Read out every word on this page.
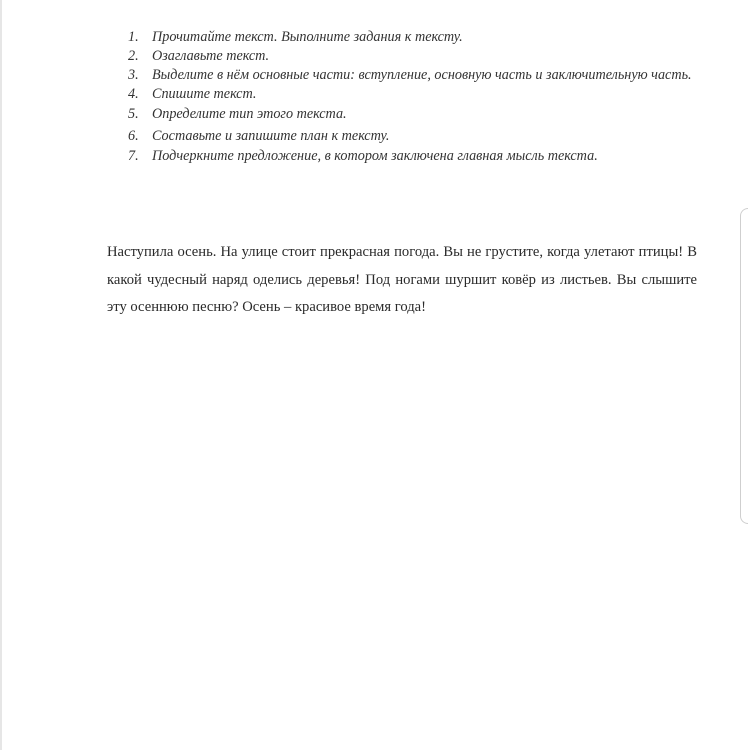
1. Прочитайте текст. Выполните задания к тексту.
2. Озаглавьте текст.
3. Выделите в нём основные части: вступление, основную часть и заключительную часть.
4. Спишите текст.
5. Определите тип этого текста.
6. Составьте и запишите план к тексту.
7. Подчеркните предложение, в котором заключена главная мысль текста.

Наступила осень. На улице стоит прекрасная погода. Вы не грустите, когда улетают птицы! В какой чудесный наряд оделись деревья! Под ногами шуршит ковёр из листьев. Вы слышите эту осеннюю песню? Осень – красивое время года!
